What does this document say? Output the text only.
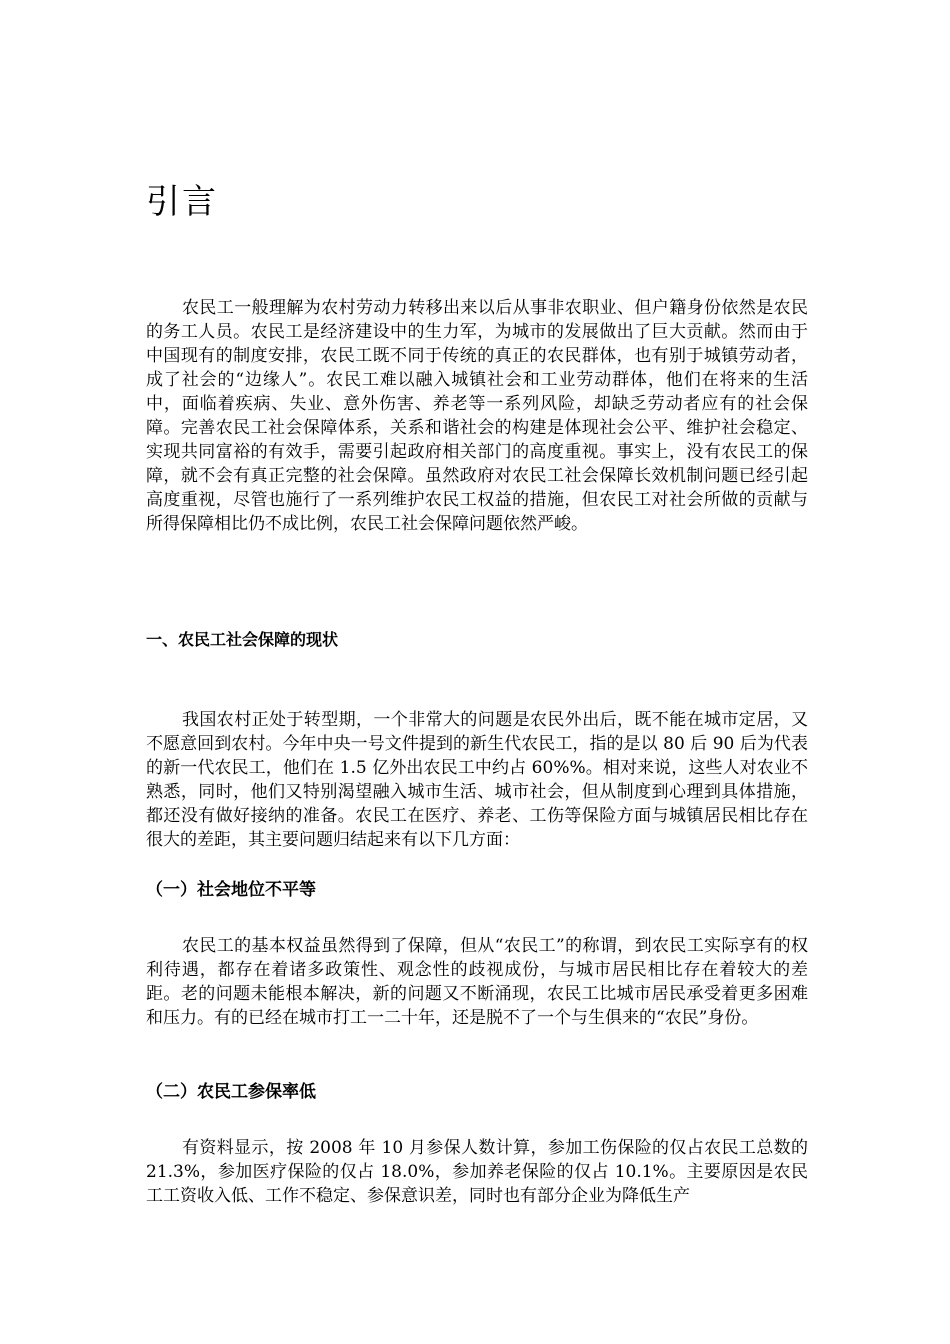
引言

农民工一般理解为农村劳动力转移出来以后从事非农职业、但户籍身份依然是农民的务工人员。农民工是经济建设中的生力军，为城市的发展做出了巨大贡献。然而由于中国现有的制度安排，农民工既不同于传统的真正的农民群体，也有别于城镇劳动者，成了社会的“边缘人”。农民工难以融入城镇社会和工业劳动群体，他们在将来的生活中，面临着疾病、失业、意外伤害、养老等一系列风险，却缺乏劳动者应有的社会保障。完善农民工社会保障体系，关系和谐社会的构建是体现社会公平、维护社会稳定、实现共同富裕的有效手，需要引起政府相关部门的高度重视。事实上，没有农民工的保障，就不会有真正完整的社会保障。虽然政府对农民工社会保障长效机制问题已经引起高度重视，尽管也施行了一系列维护农民工权益的措施，但农民工对社会所做的贡献与所得保障相比仍不成比例，农民工社会保障问题依然严峻。

一、农民工社会保障的现状

我国农村正处于转型期，一个非常大的问题是农民外出后，既不能在城市定居，又不愿意回到农村。今年中央一号文件提到的新生代农民工，指的是以 80 后 90 后为代表的新一代农民工，他们在 1.5 亿外出农民工中约占 60%%。相对来说，这些人对农业不熟悉，同时，他们又特别渴望融入城市生活、城市社会，但从制度到心理到具体措施，都还没有做好接纳的准备。农民工在医疗、养老、工伤等保险方面与城镇居民相比存在很大的差距，其主要问题归结起来有以下几方面：

（一）社会地位不平等

农民工的基本权益虽然得到了保障，但从“农民工”的称谓，到农民工实际享有的权利待遇，都存在着诸多政策性、观念性的歧视成份，与城市居民相比存在着较大的差距。老的问题未能根本解决，新的问题又不断涌现，农民工比城市居民承受着更多困难和压力。有的已经在城市打工一二十年，还是脱不了一个与生俱来的“农民”身份。

（二）农民工参保率低

有资料显示，按 2008 年 10 月参保人数计算，参加工伤保险的仅占农民工总数的 21.3%，参加医疗保险的仅占 18.0%，参加养老保险的仅占 10.1%。主要原因是农民工工资收入低、工作不稳定、参保意识差，同时也有部分企业为降低生产
